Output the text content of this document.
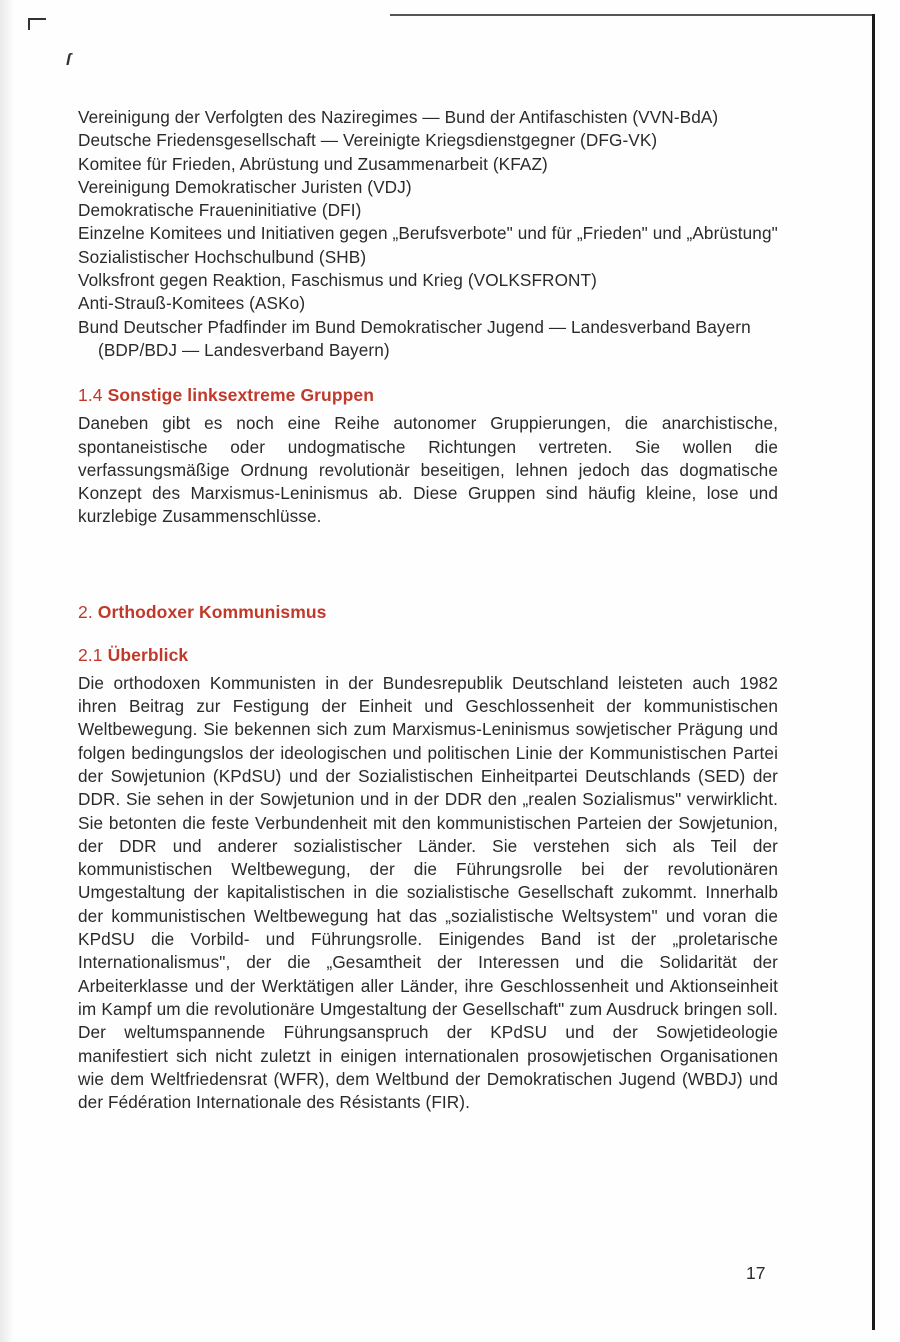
ſ

Vereinigung der Verfolgten des Naziregimes — Bund der Antifaschisten (VVN-BdA)

Deutsche Friedensgesellschaft — Vereinigte Kriegsdienstgegner (DFG-VK)

Komitee für Frieden, Abrüstung und Zusammenarbeit (KFAZ)

Vereinigung Demokratischer Juristen (VDJ)

Demokratische Fraueninitiative (DFI)

Einzelne Komitees und Initiativen gegen „Berufsverbote" und für „Frieden" und „Abrüstung"

Sozialistischer Hochschulbund (SHB)

Volksfront gegen Reaktion, Faschismus und Krieg (VOLKSFRONT)

Anti-Strauß-Komitees (ASKo)

Bund Deutscher Pfadfinder im Bund Demokratischer Jugend — Landesverband Bayern (BDP/BDJ — Landesverband Bayern)

1.4 Sonstige linksextreme Gruppen

Daneben gibt es noch eine Reihe autonomer Gruppierungen, die anarchistische, spontaneistische oder undogmatische Richtungen vertreten. Sie wollen die verfassungsmäßige Ordnung revolutionär beseitigen, lehnen jedoch das dogmatische Konzept des Marxismus-Leninismus ab. Diese Gruppen sind häufig kleine, lose und kurzlebige Zusammenschlüsse.

2. Orthodoxer Kommunismus
2.1 Überblick

Die orthodoxen Kommunisten in der Bundesrepublik Deutschland leisteten auch 1982 ihren Beitrag zur Festigung der Einheit und Geschlossenheit der kommunistischen Weltbewegung. Sie bekennen sich zum Marxismus-Leninismus sowjetischer Prägung und folgen bedingungslos der ideologischen und politischen Linie der Kommunistischen Partei der Sowjetunion (KPdSU) und der Sozialistischen Einheitpartei Deutschlands (SED) der DDR. Sie sehen in der Sowjetunion und in der DDR den „realen Sozialismus" verwirklicht. Sie betonten die feste Verbundenheit mit den kommunistischen Parteien der Sowjetunion, der DDR und anderer sozialistischer Länder. Sie verstehen sich als Teil der kommunistischen Weltbewegung, der die Führungsrolle bei der revolutionären Umgestaltung der kapitalistischen in die sozialistische Gesellschaft zukommt. Innerhalb der kommunistischen Weltbewegung hat das „sozialistische Weltsystem" und voran die KPdSU die Vorbild- und Führungsrolle. Einigendes Band ist der „proletarische Internationalismus", der die „Gesamtheit der Interessen und die Solidarität der Arbeiterklasse und der Werktätigen aller Länder, ihre Geschlossenheit und Aktionseinheit im Kampf um die revolutionäre Umgestaltung der Gesellschaft" zum Ausdruck bringen soll. Der weltumspannende Führungsanspruch der KPdSU und der Sowjetideologie manifestiert sich nicht zuletzt in einigen internationalen prosowjetischen Organisationen wie dem Weltfriedensrat (WFR), dem Weltbund der Demokratischen Jugend (WBDJ) und der Fédération Internationale des Résistants (FIR).

17
